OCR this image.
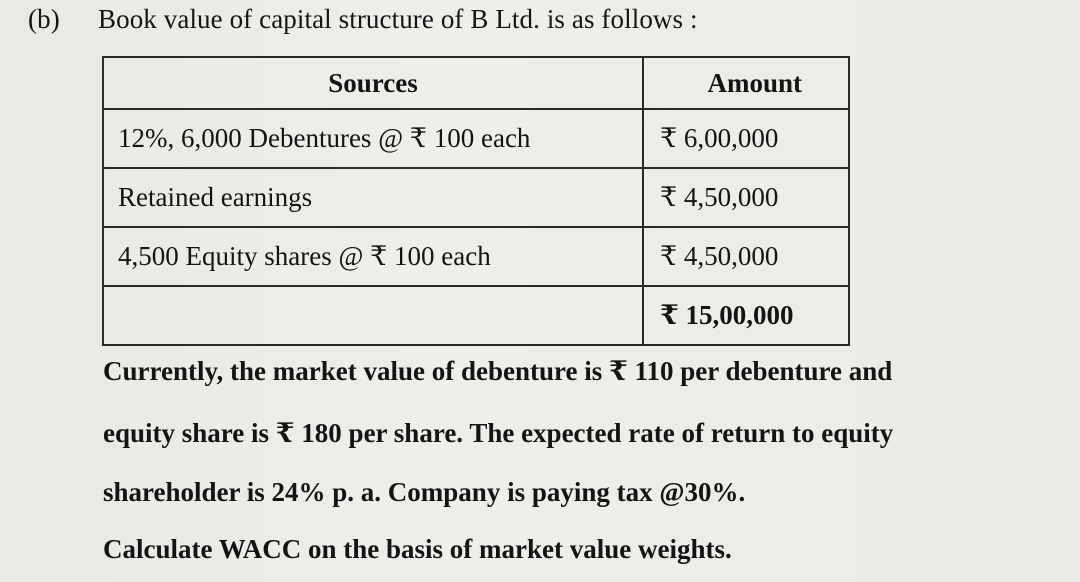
(b) Book value of capital structure of B Ltd. is as follows :
Sources	Amount
12%, 6,000 Debentures @ ₹ 100 each	₹ 6,00,000
Retained earnings	₹ 4,50,000
4,500 Equity shares @ ₹ 100 each	₹ 4,50,000
	₹ 15,00,000
Currently, the market value of debenture is ₹ 110 per debenture and
equity share is ₹ 180 per share. The expected rate of return to equity
shareholder is 24% p. a. Company is paying tax @30%.
Calculate WACC on the basis of market value weights.
